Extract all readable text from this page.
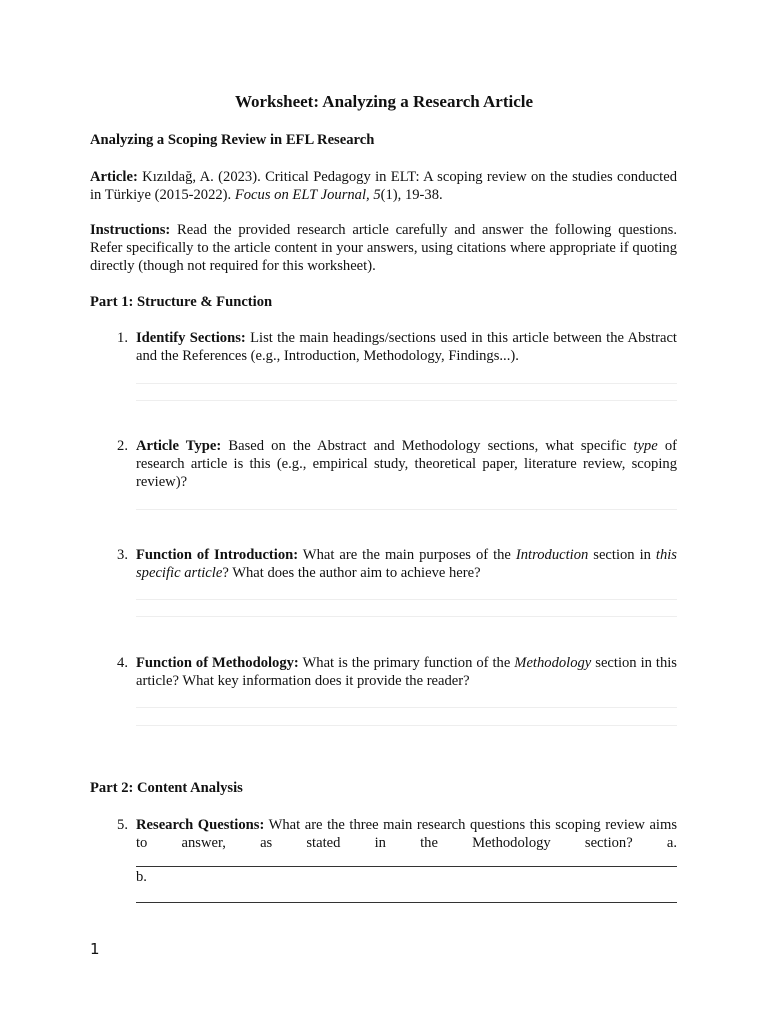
Worksheet: Analyzing a Research Article
Analyzing a Scoping Review in EFL Research
Article: Kızıldağ, A. (2023). Critical Pedagogy in ELT: A scoping review on the studies conducted in Türkiye (2015-2022). Focus on ELT Journal, 5(1), 19-38.
Instructions: Read the provided research article carefully and answer the following questions. Refer specifically to the article content in your answers, using citations where appropriate if quoting directly (though not required for this worksheet).
Part 1: Structure & Function
1. Identify Sections: List the main headings/sections used in this article between the Abstract and the References (e.g., Introduction, Methodology, Findings...).
2. Article Type: Based on the Abstract and Methodology sections, what specific type of research article is this (e.g., empirical study, theoretical paper, literature review, scoping review)?
3. Function of Introduction: What are the main purposes of the Introduction section in this specific article? What does the author aim to achieve here?
4. Function of Methodology: What is the primary function of the Methodology section in this article? What key information does it provide the reader?
Part 2: Content Analysis
5. Research Questions: What are the three main research questions this scoping review aims to answer, as stated in the Methodology section? a.
b.
1
